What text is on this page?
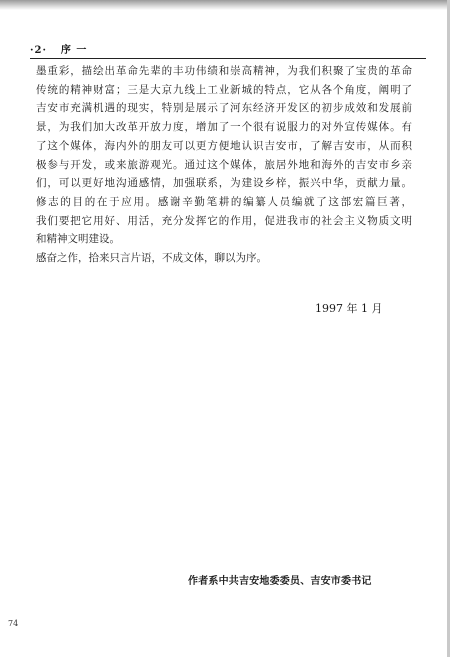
·2· 序 一
墨重彩，描绘出革命先辈的丰功伟绩和崇高精神，为我们积聚了宝贵的革命
传统的精神财富；三是大京九线上工业新城的特点，它从各个角度，阐明了
吉安市充满机遇的现实，特别是展示了河东经济开发区的初步成效和发展前
景，为我们加大改革开放力度，增加了一个很有说服力的对外宣传媒体。有
了这个媒体，海内外的朋友可以更方便地认识吉安市，了解吉安市，从而积
极参与开发，或来旅游观光。通过这个媒体，旅居外地和海外的吉安市乡亲
们，可以更好地沟通感情，加强联系，为建设乡梓，振兴中华，贡献力量。
修志的目的在于应用。感谢辛勤笔耕的编纂人员编就了这部宏篇巨著，
我们要把它用好、用活，充分发挥它的作用，促进我市的社会主义物质文明
和精神文明建设。
感奋之作，拾来只言片语，不成文体，聊以为序。
1997 年 1 月
作者系中共吉安地委委员、吉安市委书记
74
